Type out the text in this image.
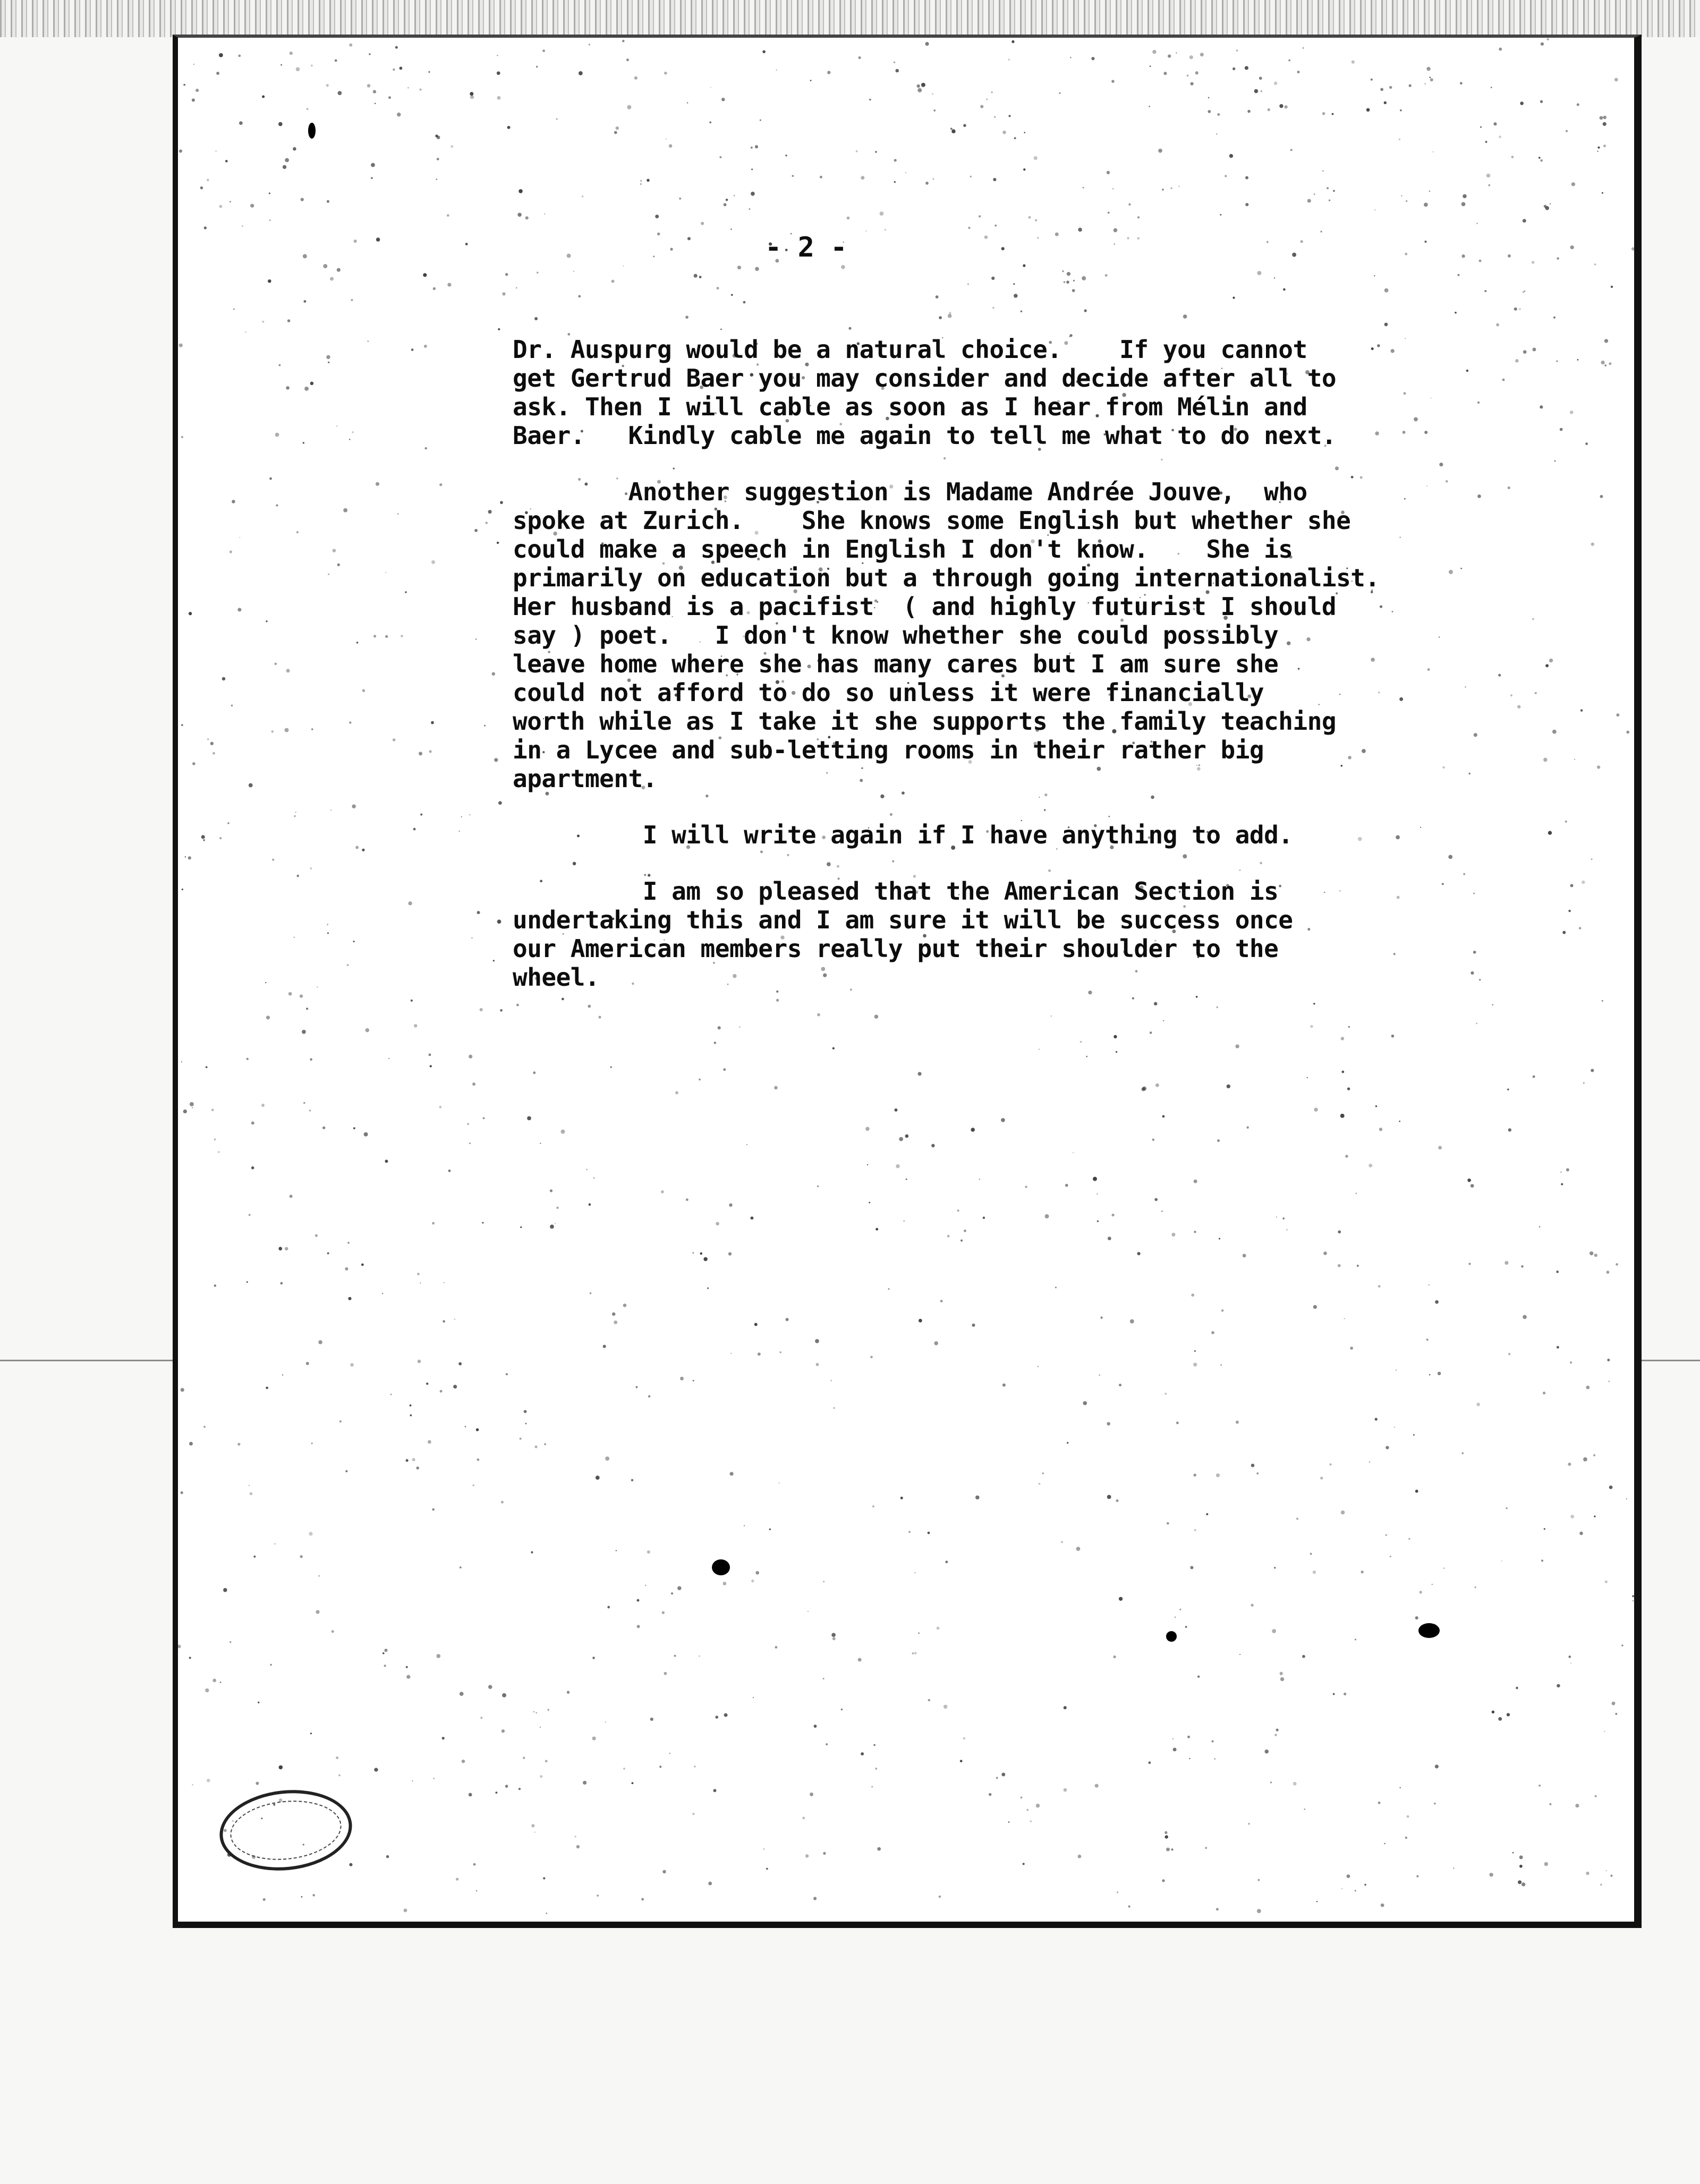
- 2 -
Dr. Auspurg would be a natural choice.    If you cannot
get Gertrud Baer you may consider and decide after all to
ask. Then I will cable as soon as I hear from Mélin and
Baer.   Kindly cable me again to tell me what to do next.
Another suggestion is Madame Andrée Jouve,  who
spoke at Zurich.    She knows some English but whether she
could make a speech in English I don't know.    She is
primarily on education but a through going internationalist.
Her husband is a pacifist  ( and highly futurist I should
say ) poet.   I don't know whether she could possibly
leave home where she has many cares but I am sure she
could not afford to do so unless it were financially
worth while as I take it she supports the family teaching
in a Lycee and sub-letting rooms in their rather big
apartment.
I will write again if I have anything to add.
I am so pleased that the American Section is
undertaking this and I am sure it will be success once
our American members really put their shoulder to the
wheel.
